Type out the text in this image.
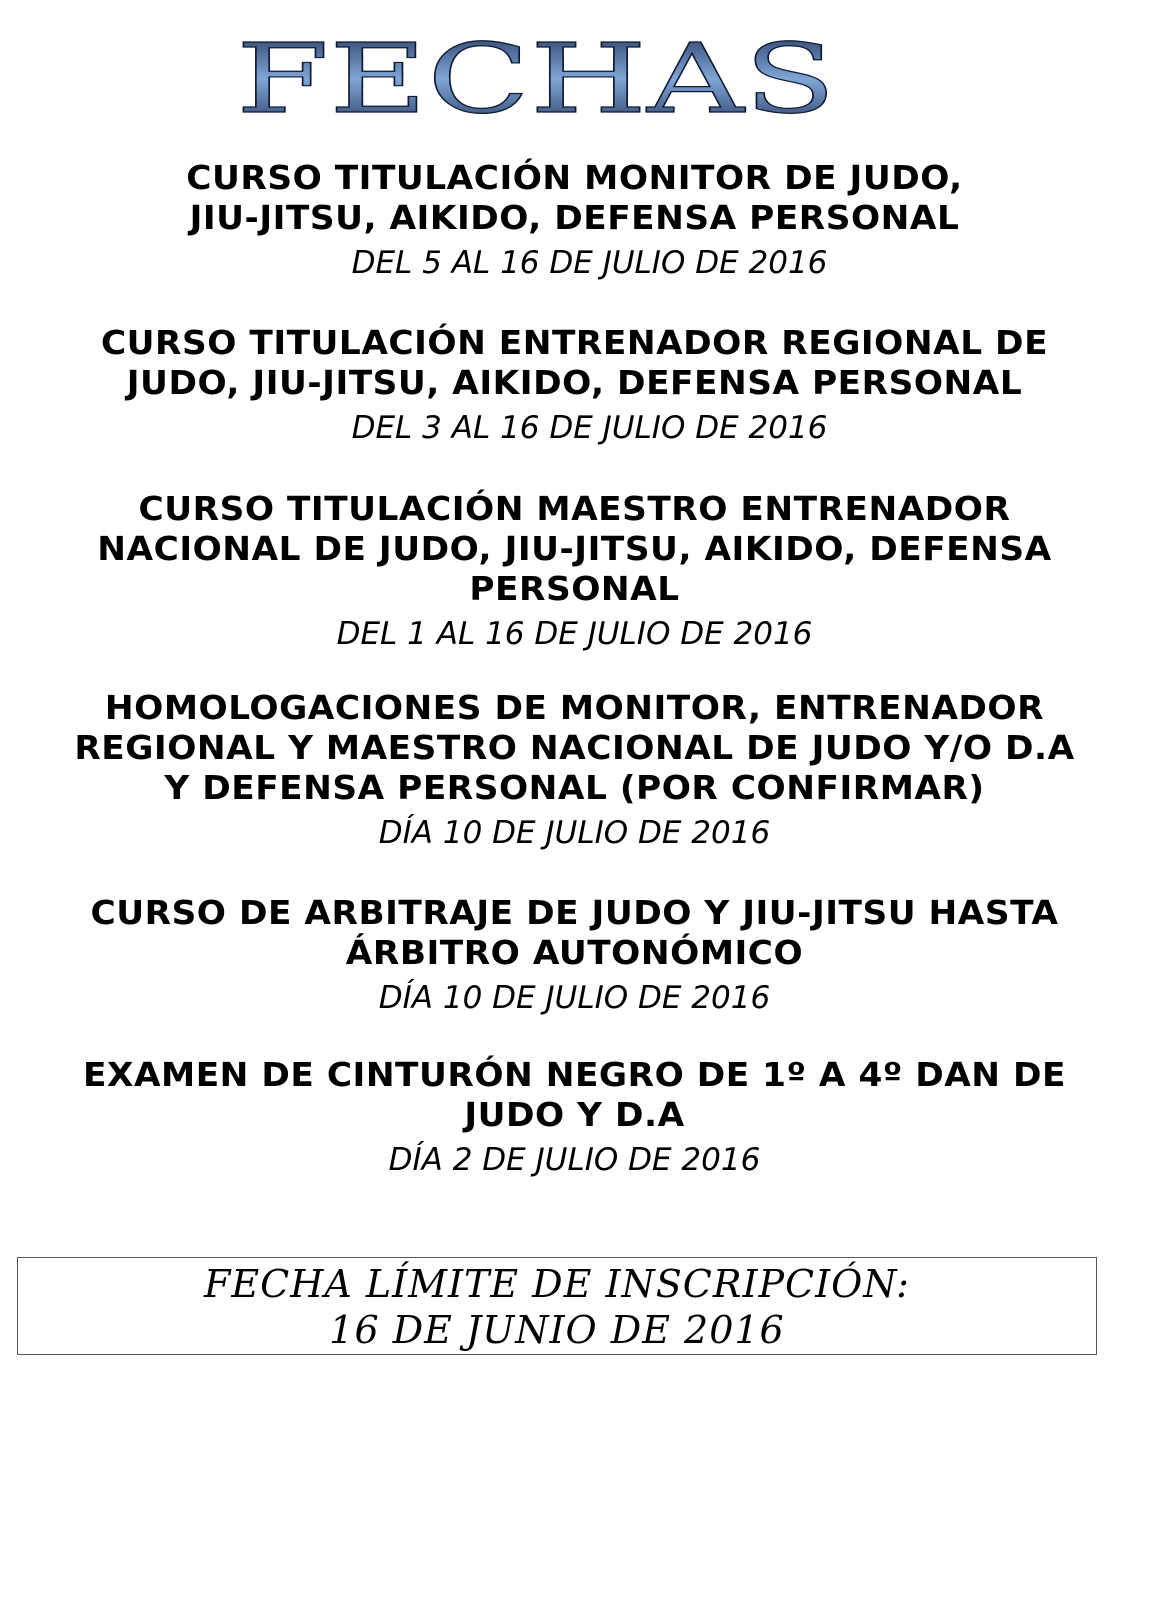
FECHAS
CURSO TITULACIÓN MONITOR DE JUDO,
JIU-JITSU, AIKIDO, DEFENSA PERSONAL
DEL 5 AL 16 DE JULIO DE 2016
CURSO TITULACIÓN ENTRENADOR REGIONAL DE
JUDO, JIU-JITSU, AIKIDO, DEFENSA PERSONAL
DEL 3 AL 16 DE JULIO DE 2016
CURSO TITULACIÓN MAESTRO ENTRENADOR
NACIONAL DE JUDO, JIU-JITSU, AIKIDO, DEFENSA
PERSONAL
DEL 1 AL 16 DE JULIO DE 2016
HOMOLOGACIONES DE MONITOR, ENTRENADOR
REGIONAL Y MAESTRO NACIONAL DE JUDO Y/O D.A
Y DEFENSA PERSONAL (POR CONFIRMAR)
DÍA 10 DE JULIO DE 2016
CURSO DE ARBITRAJE DE JUDO Y JIU-JITSU HASTA
ÁRBITRO AUTONÓMICO
DÍA 10 DE JULIO DE 2016
EXAMEN DE CINTURÓN NEGRO DE 1º A 4º DAN DE
JUDO Y D.A
DÍA 2 DE JULIO DE 2016
FECHA LÍMITE DE INSCRIPCIÓN:
16 DE JUNIO DE 2016
